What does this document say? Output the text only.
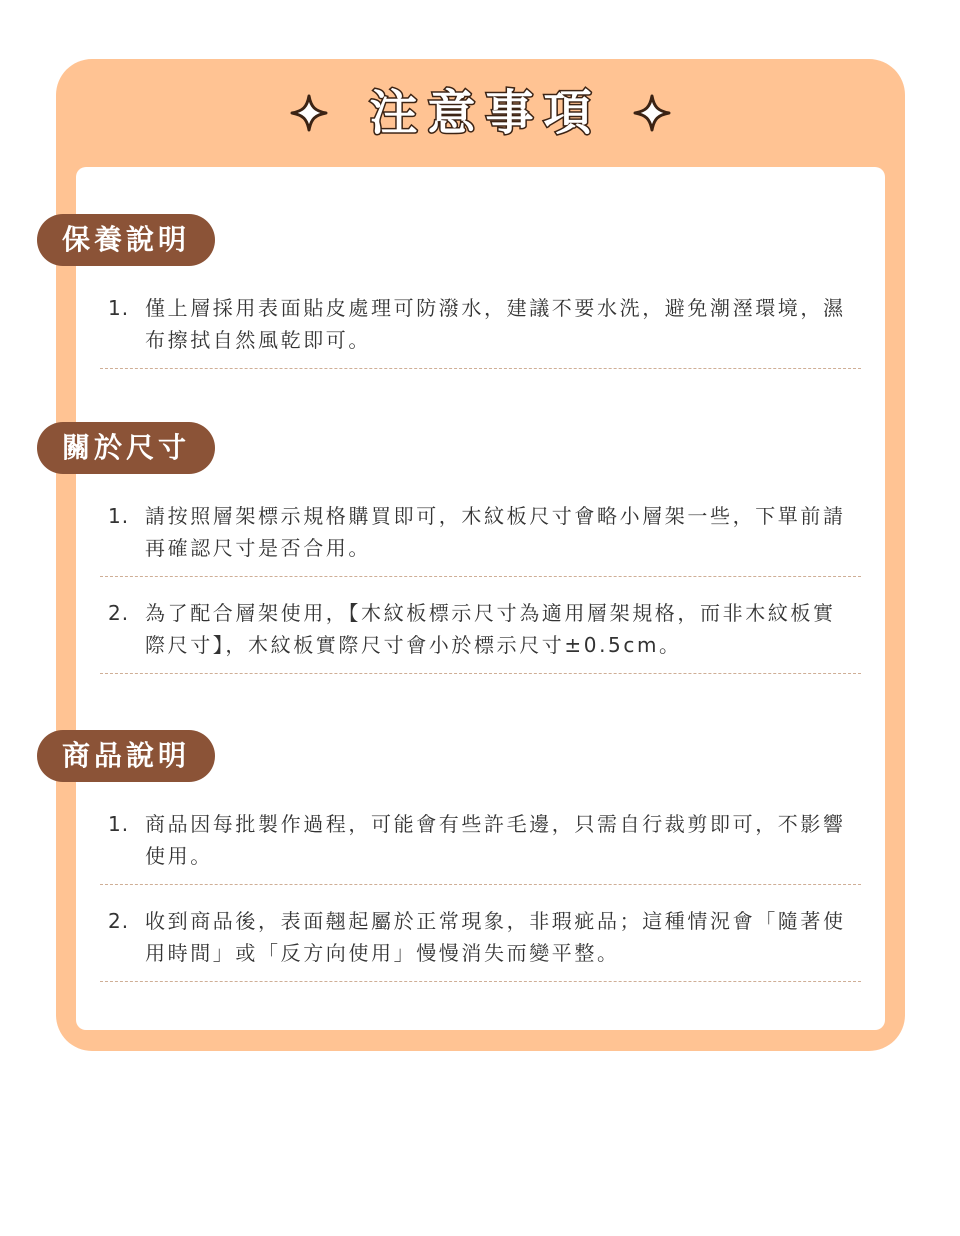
注意事項
保養說明
1. 僅上層採用表面貼皮處理可防潑水，建議不要水洗，避免潮溼環境，濕布擦拭自然風乾即可。
關於尺寸
1. 請按照層架標示規格購買即可，木紋板尺寸會略小層架一些，下單前請再確認尺寸是否合用。
2. 為了配合層架使用，【木紋板標示尺寸為適用層架規格，而非木紋板實際尺寸】，木紋板實際尺寸會小於標示尺寸±0.5cm。
商品說明
1. 商品因每批製作過程，可能會有些許毛邊，只需自行裁剪即可，不影響使用。
2. 收到商品後，表面翹起屬於正常現象，非瑕疵品；這種情況會「隨著使用時間」或「反方向使用」慢慢消失而變平整。
